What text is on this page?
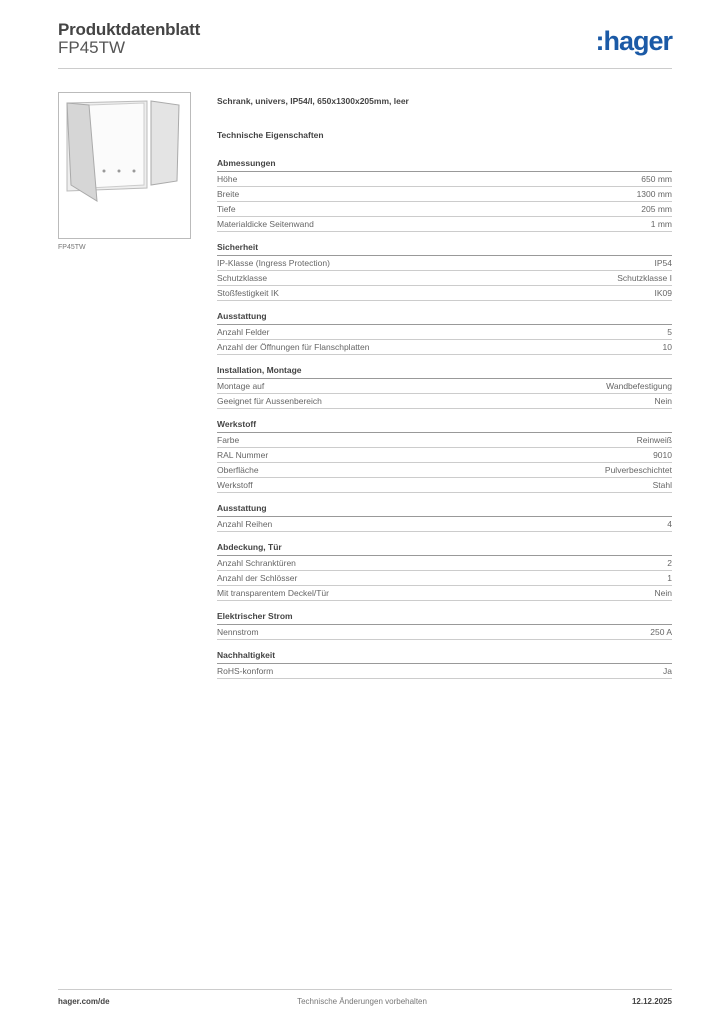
Produktdatenblatt
FP45TW	:hager
FP45TW
Schrank, univers, IP54/I, 650x1300x205mm, leer
Technische Eigenschaften
Abmessungen
Höhe	650 mm
Breite	1300 mm
Tiefe	205 mm
Materialdicke Seitenwand	1 mm
Sicherheit
IP-Klasse (Ingress Protection)	IP54
Schutzklasse	Schutzklasse I
Stoßfestigkeit IK	IK09
Ausstattung
Anzahl Felder	5
Anzahl der Öffnungen für Flanschplatten	10
Installation, Montage
Montage auf	Wandbefestigung
Geeignet für Aussenbereich	Nein
Werkstoff
Farbe	Reinweiß
RAL Nummer	9010
Oberfläche	Pulverbeschichtet
Werkstoff	Stahl
Ausstattung
Anzahl Reihen	4
Abdeckung, Tür
Anzahl Schranktüren	2
Anzahl der Schlösser	1
Mit transparentem Deckel/Tür	Nein
Elektrischer Strom
Nennstrom	250 A
Nachhaltigkeit
RoHS-konform	Ja
hager.com/de	Technische Änderungen vorbehalten	12.12.2025
